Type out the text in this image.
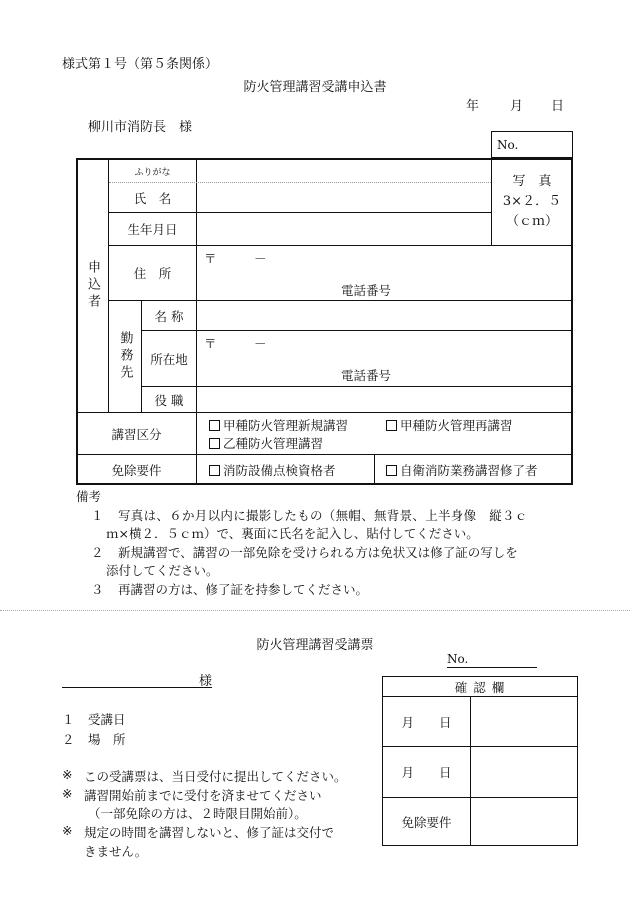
様式第１号（第５条関係）
防火管理講習受講申込書
年 月 日
柳川市消防長　様
No.
写　真
3×２．５
（ｃｍ）
申込者
ふりがな
氏　名
生年月日
住　所
勤務先
名 称
所在地
役 職
講習区分
免除要件
〒　　　－
電話番号
〒　　　－
電話番号
甲種防火管理新規講習	甲種防火管理再講習
乙種防火管理講習
消防設備点検資格者	自衛消防業務講習修了者
備考
１ 写真は、６か月以内に撮影したもの（無帽、無背景、上半身像　縦３ｃ
ｍ×横２．５ｃｍ）で、裏面に氏名を記入し、貼付してください。
２ 新規講習で、講習の一部免除を受けられる方は免状又は修了証の写しを
添付してください。
３ 再講習の方は、修了証を持参してください。
防火管理講習受講票
No.
様
１ 受講日
２ 場　所
※ この受講票は、当日受付に提出してください。
※ 講習開始前までに受付を済ませてください
（一部免除の方は、２時限目開始前）。
※ 規定の時間を講習しないと、修了証は交付で
きません。
確 認 欄
月　　日
月　　日
免除要件
